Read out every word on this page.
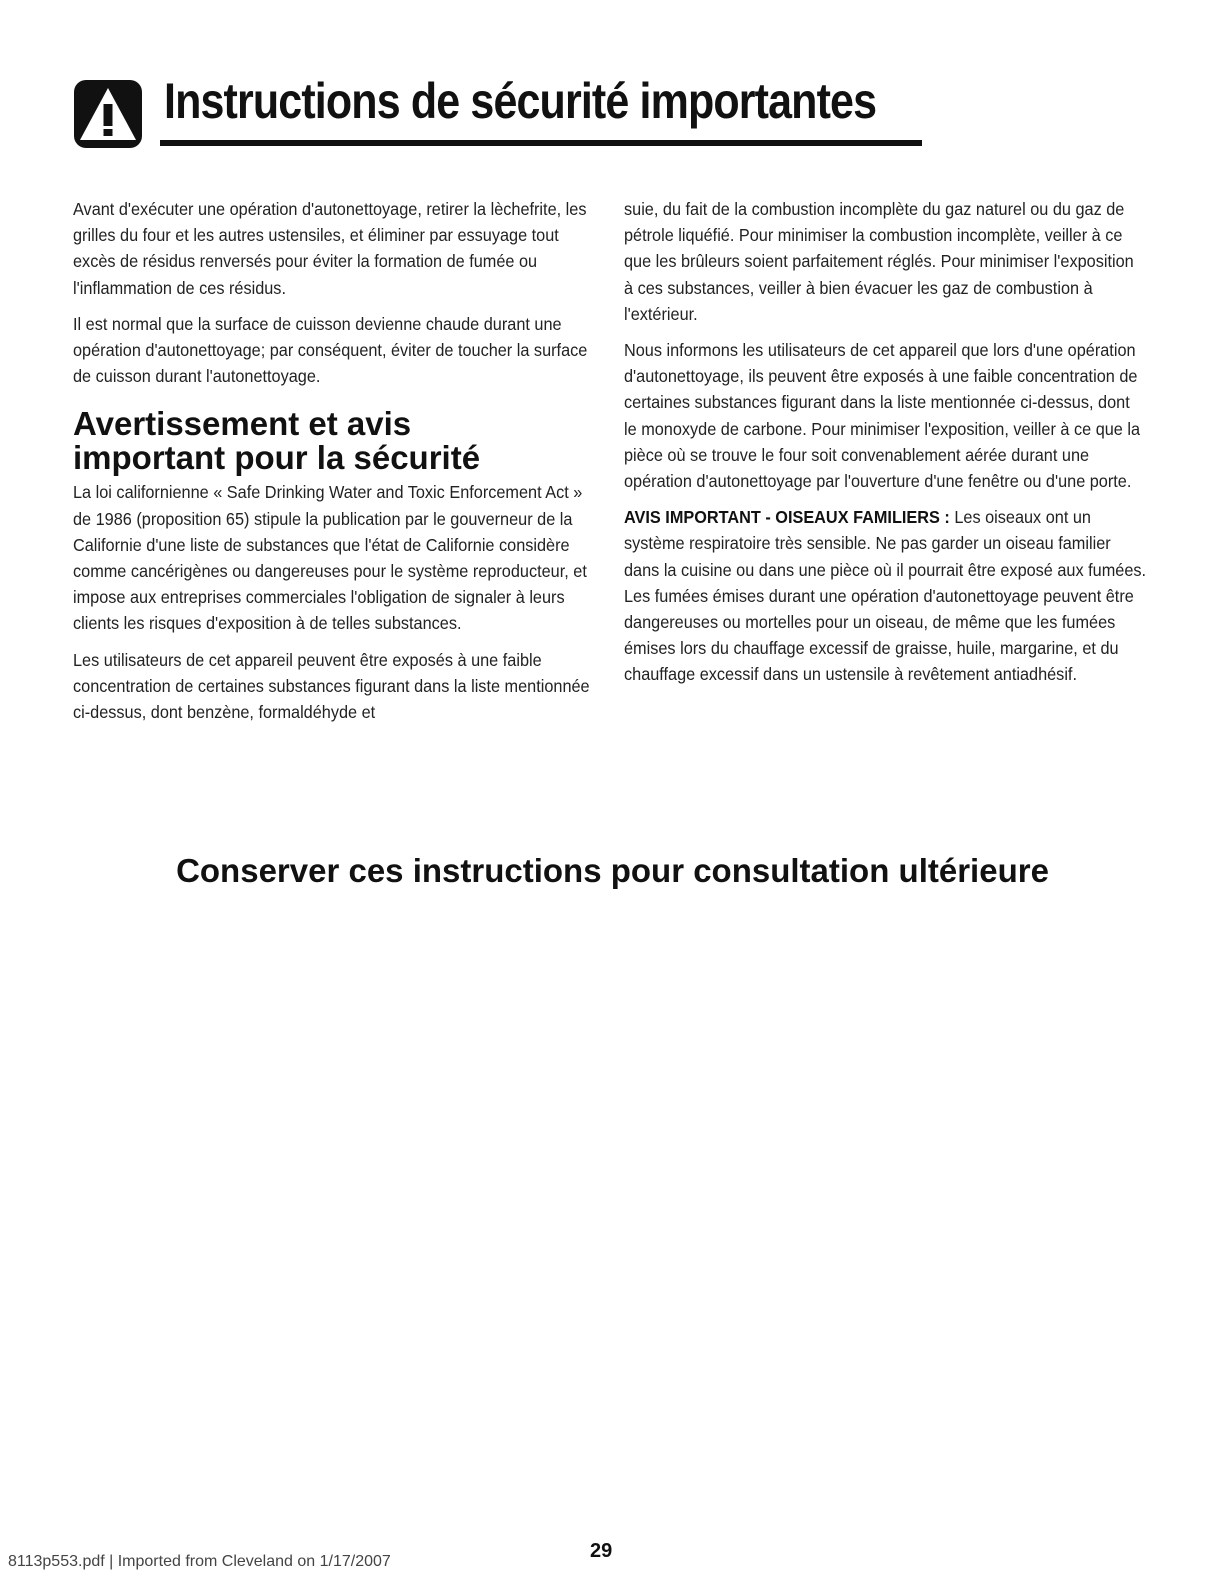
Instructions de sécurité importantes

Avant d'exécuter une opération d'autonettoyage, retirer la lèchefrite, les grilles du four et les autres ustensiles, et éliminer par essuyage tout excès de résidus renversés pour éviter la formation de fumée ou l'inflammation de ces résidus.

Il est normal que la surface de cuisson devienne chaude durant une opération d'autonettoyage; par conséquent, éviter de toucher la surface de cuisson durant l'autonettoyage.

Avertissement et avis
important pour la sécurité

La loi californienne « Safe Drinking Water and Toxic Enforcement Act » de 1986 (proposition 65) stipule la publication par le gouverneur de la Californie d'une liste de substances que l'état de Californie considère comme cancérigènes ou dangereuses pour le système reproducteur, et impose aux entreprises commerciales l'obligation de signaler à leurs clients les risques d'exposition à de telles substances.

Les utilisateurs de cet appareil peuvent être exposés à une faible concentration de certaines substances figurant dans la liste mentionnée ci-dessus, dont benzène, formaldéhyde et

suie, du fait de la combustion incomplète du gaz naturel ou du gaz de pétrole liquéfié. Pour minimiser la combustion incomplète, veiller à ce que les brûleurs soient parfaitement réglés. Pour minimiser l'exposition à ces substances, veiller à bien évacuer les gaz de combustion à l'extérieur.

Nous informons les utilisateurs de cet appareil que lors d'une opération d'autonettoyage, ils peuvent être exposés à une faible concentration de certaines substances figurant dans la liste mentionnée ci-dessus, dont le monoxyde de carbone. Pour minimiser l'exposition, veiller à ce que la pièce où se trouve le four soit convenablement aérée durant une opération d'autonettoyage par l'ouverture d'une fenêtre ou d'une porte.

AVIS IMPORTANT - OISEAUX FAMILIERS : Les oiseaux ont un système respiratoire très sensible. Ne pas garder un oiseau familier dans la cuisine ou dans une pièce où il pourrait être exposé aux fumées. Les fumées émises durant une opération d'autonettoyage peuvent être dangereuses ou mortelles pour un oiseau, de même que les fumées émises lors du chauffage excessif de graisse, huile, margarine, et du chauffage excessif dans un ustensile à revêtement antiadhésif.

Conserver ces instructions pour consultation ultérieure
8113p553.pdf | Imported from Cleveland on 1/17/2007	29
